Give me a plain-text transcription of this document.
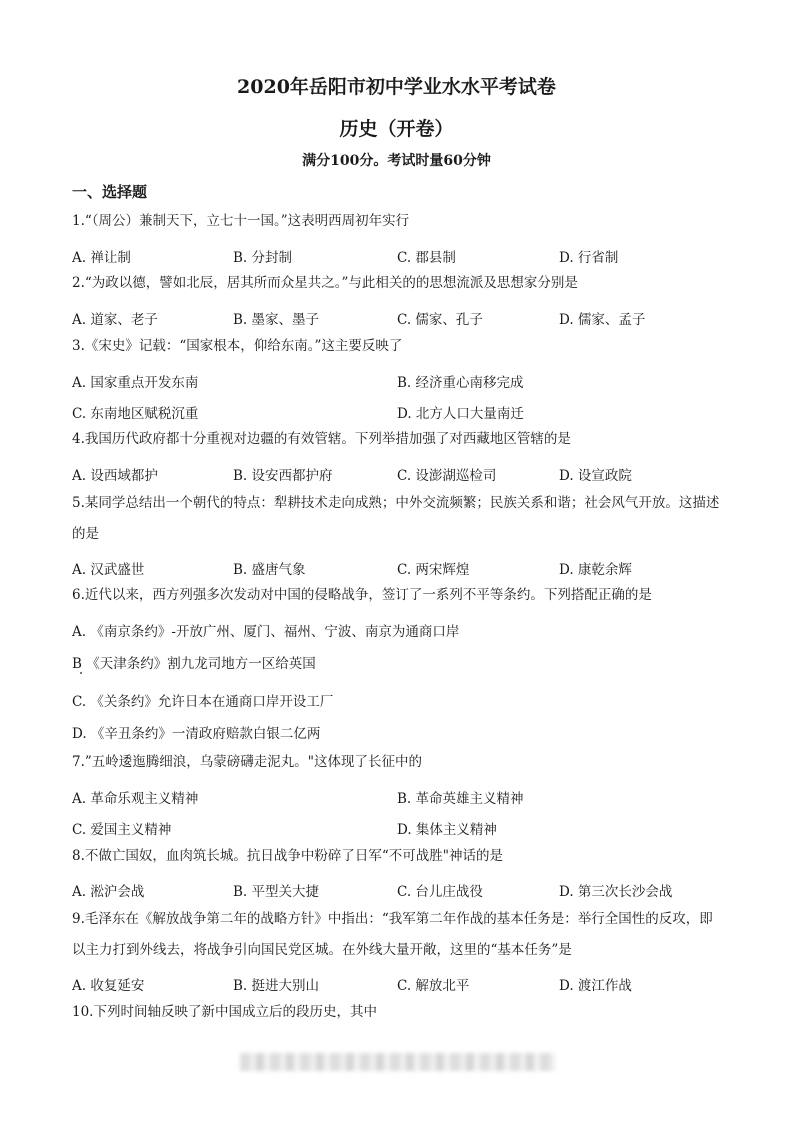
2020年岳阳市初中学业水水平考试卷
历史（开卷）
满分100分。考试时量60分钟
一、选择题
1.“（周公）兼制天下，立七十一国。”这表明西周初年实行
A. 禅让制	B. 分封制	C. 郡县制	D. 行省制
2.“为政以德，譬如北辰，居其所而众星共之。”与此相关的的思想流派及思想家分别是
A. 道家、老子	B. 墨家、墨子	C. 儒家、孔子	D. 儒家、孟子
3.《宋史》记载：“国家根本，仰给东南。”这主要反映了
A. 国家重点开发东南	B. 经济重心南移完成
C. 东南地区赋税沉重	D. 北方人口大量南迁
4.我国历代政府都十分重视对边疆的有效管辖。下列举措加强了对西藏地区管辖的是
A. 设西域都护	B. 设安西都护府	C. 设澎湖巡检司	D. 设宣政院
5.某同学总结出一个朝代的特点：犁耕技术走向成熟；中外交流频繁；民族关系和谐；社会风气开放。这描述的是
A. 汉武盛世	B. 盛唐气象	C. 两宋辉煌	D. 康乾余辉
6.近代以来，西方列强多次发动对中国的侵略战争，签订了一系列不平等条约。下列搭配正确的是
A. 《南京条约》-开放广州、厦门、福州、宁波、南京为通商口岸
B 《天津条约》割九龙司地方一区给英国
C. 《关条约》允许日本在通商口岸开设工厂
D. 《辛丑条约》一清政府赔款白银二亿两
7.”五岭逶迤腾细浪，乌蒙磅礴走泥丸。"这体现了长征中的
A. 革命乐观主义精神	B. 革命英雄主义精神
C. 爱国主义精神	D. 集体主义精神
8.不做亡国奴，血肉筑长城。抗日战争中粉碎了日军“不可战胜"神话的是
A. 淞沪会战	B. 平型关大捷	C. 台儿庄战役	D. 第三次长沙会战
9.毛泽东在《解放战争第二年的战略方针》中指出：“我军第二年作战的基本任务是：举行全国性的反攻，即以主力打到外线去，将战争引向国民党区城。在外线大量开敞，这里的“基本任务”是
A. 收复延安	B. 挺进大别山	C. 解放北平	D. 渡江作战
10.下列时间轴反映了新中国成立后的段历史，其中
